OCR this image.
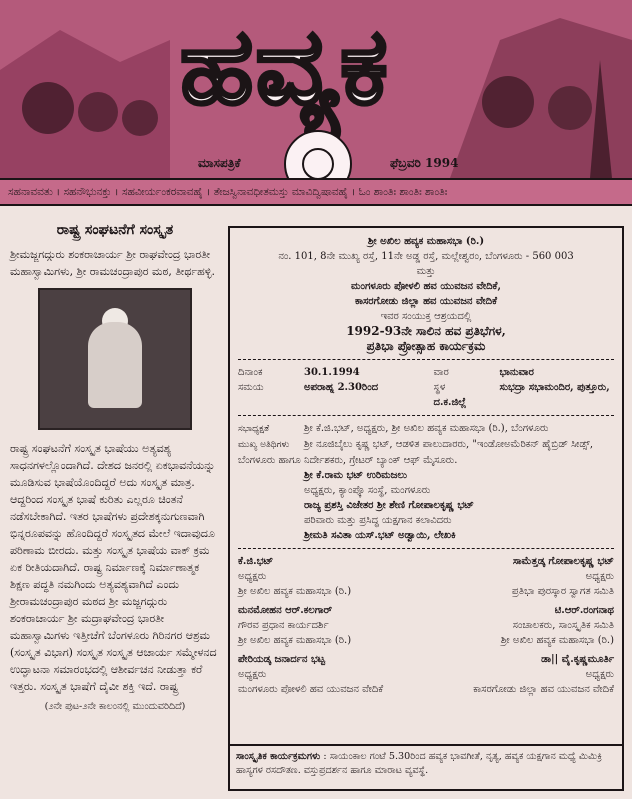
ಹವ್ಯಕ
ಮಾಸಪತ್ರಿಕೆ	ಫೆಬ್ರವರಿ 1994
ಸಹನಾವವತು । ಸಹನೌಭುನಕ್ತು । ಸಹವೀರ್ಯಂಕರವಾವಹೈ । ತೇಜಸ್ವಿನಾವಧೀತಮಸ್ತು ಮಾವಿದ್ವಿಷಾವಹೈ । ಓಂ ಶಾಂತಿಃ ಶಾಂತಿಃ ಶಾಂತಿಃ
ರಾಷ್ಟ್ರ ಸಂಘಟನೆಗೆ ಸಂಸ್ಕೃತ

ಶ್ರೀಮಜ್ಜಗದ್ಗುರು ಶಂಕರಾಚಾರ್ಯ ಶ್ರೀ ರಾಘವೇಂದ್ರ ಭಾರತೀ ಮಹಾಸ್ವಾಮಿಗಳು, ಶ್ರೀ ರಾಮಚಂದ್ರಾಪುರ ಮಠ, ತೀರ್ಥಹಳ್ಳಿ.

ರಾಷ್ಟ್ರ ಸಂಘಟನೆಗೆ ಸಂಸ್ಕೃತ ಭಾಷೆಯು ಅತ್ಯವಶ್ಯ ಸಾಧನಗಳಲ್ಲೊಂದಾಗಿದೆ. ದೇಶದ ಜನರಲ್ಲಿ ಏಕಭಾವನೆಯನ್ನು ಮೂಡಿಸುವ ಭಾಷೆಯೊಂದಿದ್ದರೆ ಅದು ಸಂಸ್ಕೃತ ಮಾತ್ರ. ಆದ್ದರಿಂದ ಸಂಸ್ಕೃತ ಭಾಷೆ ಕುರಿತು ಎಲ್ಲರೂ ಚಿಂತನೆ ನಡೆಸಬೇಕಾಗಿದೆ. ಇತರ ಭಾಷೆಗಳು ಪ್ರದೇಶಕ್ಕನುಗುಣವಾಗಿ ಭಿನ್ನರೂಪವನ್ನು ಹೊಂದಿದ್ದರೆ ಸಂಸ್ಕೃತದ ಮೇಲೆ ಇದಾವುದೂ ಪರಿಣಾಮ ಬೀರದು. ಮತ್ತು ಸಂಸ್ಕೃತ ಭಾಷೆಯ ವಾಕ್ ಕ್ರಮ ಏಕ ರೀತಿಯದಾಗಿದೆ. ರಾಷ್ಟ್ರ ನಿರ್ಮಾಣಕ್ಕೆ ನಿರ್ಮಾಣಾತ್ಮಕ ಶಿಕ್ಷಣ ಪದ್ಧತಿ ನಮಗಿಂದು ಅತ್ಯವಶ್ಯವಾಗಿದೆ ಎಂದು ಶ್ರೀರಾಮಚಂದ್ರಾಪುರ ಮಠದ ಶ್ರೀ ಮಜ್ಜಗದ್ಗುರು ಶಂಕರಾಚಾರ್ಯ ಶ್ರೀ ಮದ್ರಾಘವೇಂದ್ರ ಭಾರತೀ ಮಹಾಸ್ವಾಮಿಗಳು ಇತ್ತೀಚೆಗೆ ಬೆಂಗಳೂರು ಗಿರಿನಗರ ಆಶ್ರಮ (ಸಂಸ್ಕೃತ ವಿಭಾಗ) ಸಂಸ್ಕೃತ ಸಂಸ್ಕೃತ ಆಚಾರ್ಯ ಸಮ್ಮೇಳನದ ಉದ್ಘಾಟನಾ ಸಮಾರಂಭದಲ್ಲಿ ಆಶೀರ್ವಚನ ನೀಡುತ್ತಾ ಕರೆ ಇತ್ತರು. ಸಂಸ್ಕೃತ ಭಾಷೆಗೆ ದೈವೀ ಶಕ್ತಿ ಇದೆ. ರಾಷ್ಟ್ರ

(೨ನೇ ಪುಟ-೨ನೇ ಕಾಲಂನಲ್ಲಿ ಮುಂದುವರಿದಿದೆ)
ಶ್ರೀ ಅಖಿಲ ಹವ್ಯಕ ಮಹಾಸಭಾ (ರಿ.)
ನಂ. 101, 8ನೇ ಮುಖ್ಯ ರಸ್ತೆ, 11ನೇ ಅಡ್ಡ ರಸ್ತೆ, ಮಲ್ಲೇಶ್ವರಂ, ಬೆಂಗಳೂರು - 560 003
ಮತ್ತು
ಮಂಗಳೂರು ಪೋಳಲಿ ಹವ ಯುವಜನ ವೇದಿಕೆ,
ಕಾಸರಗೋಡು ಜಿಲ್ಲಾ ಹವ ಯುವಜನ ವೇದಿಕೆ
ಇವರ ಸಂಯುಕ್ತ ಆಶ್ರಯದಲ್ಲಿ
1992-93ನೇ ಸಾಲಿನ ಹವ ಪ್ರತಿಭೆಗಳ,
ಪ್ರತಿಭಾ ಪ್ರೋತ್ಸಾಹ ಕಾರ್ಯಕ್ರಮ
ದಿನಾಂಕ	30.1.1994	ವಾರ	ಭಾನುವಾರ
ಸಮಯ	ಅಪರಾಹ್ನ 2.30ರಿಂದ	ಸ್ಥಳ	ಸುಭದ್ರಾ ಸಭಾಮಂದಿರ, ಪುತ್ತೂರು, ದ.ಕ.ಜಿಲ್ಲೆ
ಸಭಾಧ್ಯಕ್ಷತೆ	ಶ್ರೀ ಕೆ.ಜಿ.ಭಟ್, ಅಧ್ಯಕ್ಷರು, ಶ್ರೀ ಅಖಿಲ ಹವ್ಯಕ ಮಹಾಸಭಾ (ರಿ.), ಬೆಂಗಳೂರು
ಮುಖ್ಯ ಅತಿಥಿಗಳು ಶ್ರೀ ನೂಜಿಬೈಲು ಕೃಷ್ಣ ಭಟ್, ಆಡಳಿತ ಪಾಲುದಾರರು, "ಇಂಡೋಅಮೆರಿಕನ್ ಹೈಬ್ರಿಡ್ ಸೀಡ್ಸ್, ಬೆಂಗಳೂರು ಹಾಗೂ ನಿರ್ದೇಶಕರು, ಗ್ರೇಟರ್ ಬ್ಯಾಂಕ್ ಆಫ್ ಮೈಸೂರು.
ಶ್ರೀ ಕೆ.ರಾಮ ಭಟ್ ಉರಿಮಜಲು
ಅಧ್ಯಕ್ಷರು, ಕ್ಯಾಂಪ್ಕೊ ಸಂಸ್ಥೆ, ಮಂಗಳೂರು
ರಾಜ್ಯ ಪ್ರಶಸ್ತಿ ವಿಜೇತರ ಶ್ರೀ ಶೇಣಿ ಗೋಪಾಲಕೃಷ್ಣ ಭಟ್
ಪರಿವಾರು ಮತ್ತು ಪ್ರಸಿದ್ಧ ಯಕ್ಷಗಾನ ಕಲಾವಿದರು
ಶ್ರೀಮತಿ ಸವಿತಾ ಯಸ್.ಭಟ್ ಅಡ್ವಾಯಿ, ಲೇಖಕಿ
ಕೆ.ಜಿ.ಭಟ್
ಅಧ್ಯಕ್ಷರು
ಶ್ರೀ ಅಖಿಲ ಹವ್ಯಕ ಮಹಾಸಭಾ (ರಿ.)
ಮನಮೋಹನ ಆರ್.ಕಲಗಾರ್
ಗೌರವ ಪ್ರಧಾನ ಕಾರ್ಯದರ್ಶಿ
ಶ್ರೀ ಅಖಿಲ ಹವ್ಯಕ ಮಹಾಸಭಾ (ರಿ.)
ಪೇರಿಯಡ್ಕ ಜನಾರ್ದನ ಭಟ್ಟ
ಅಧ್ಯಕ್ಷರು
ಮಂಗಳೂರು ಪೋಳಲಿ ಹವ ಯುವಜನ ವೇದಿಕೆ
ಸಾಮೆತ್ತಡ್ಕ ಗೋಪಾಲಕೃಷ್ಣ ಭಟ್
ಅಧ್ಯಕ್ಷರು
ಪ್ರತಿಭಾ ಪುರಸ್ಕಾರ ಸ್ವಾಗತ ಸಮಿತಿ
ಟಿ.ಆರ್.ರಂಗನಾಥ
ಸಂಚಾಲಕರು, ಸಾಂಸ್ಕೃತಿಕ ಸಮಿತಿ
ಶ್ರೀ ಅಖಿಲ ಹವ್ಯಕ ಮಹಾಸಭಾ (ರಿ.)
ಡಾ|| ವೈ.ಕೃಷ್ಣಮೂರ್ತಿ
ಅಧ್ಯಕ್ಷರು
ಕಾಸರಗೋಡು ಜಿಲ್ಲಾ ಹವ ಯುವಜನ ವೇದಿಕೆ
ಸಾಂಸ್ಕೃತಿಕ ಕಾರ್ಯಕ್ರಮಗಳು : ಸಾಯಂಕಾಲ ಗಂಟೆ 5.30ರಿಂದ ಹವ್ಯಕ ಭಾವಗೀತೆ, ನೃತ್ಯ, ಹವ್ಯಕ ಯಕ್ಷಗಾನ ಮಧ್ಯೆ ಮಿಮಿಕ್ರಿ ಹಾಸ್ಯಗಳ ರಸದೌತಣ. ವಸ್ತುಪ್ರದರ್ಶನ ಹಾಗೂ ಮಾರಾಟ ವ್ಯವಸ್ಥೆ.
